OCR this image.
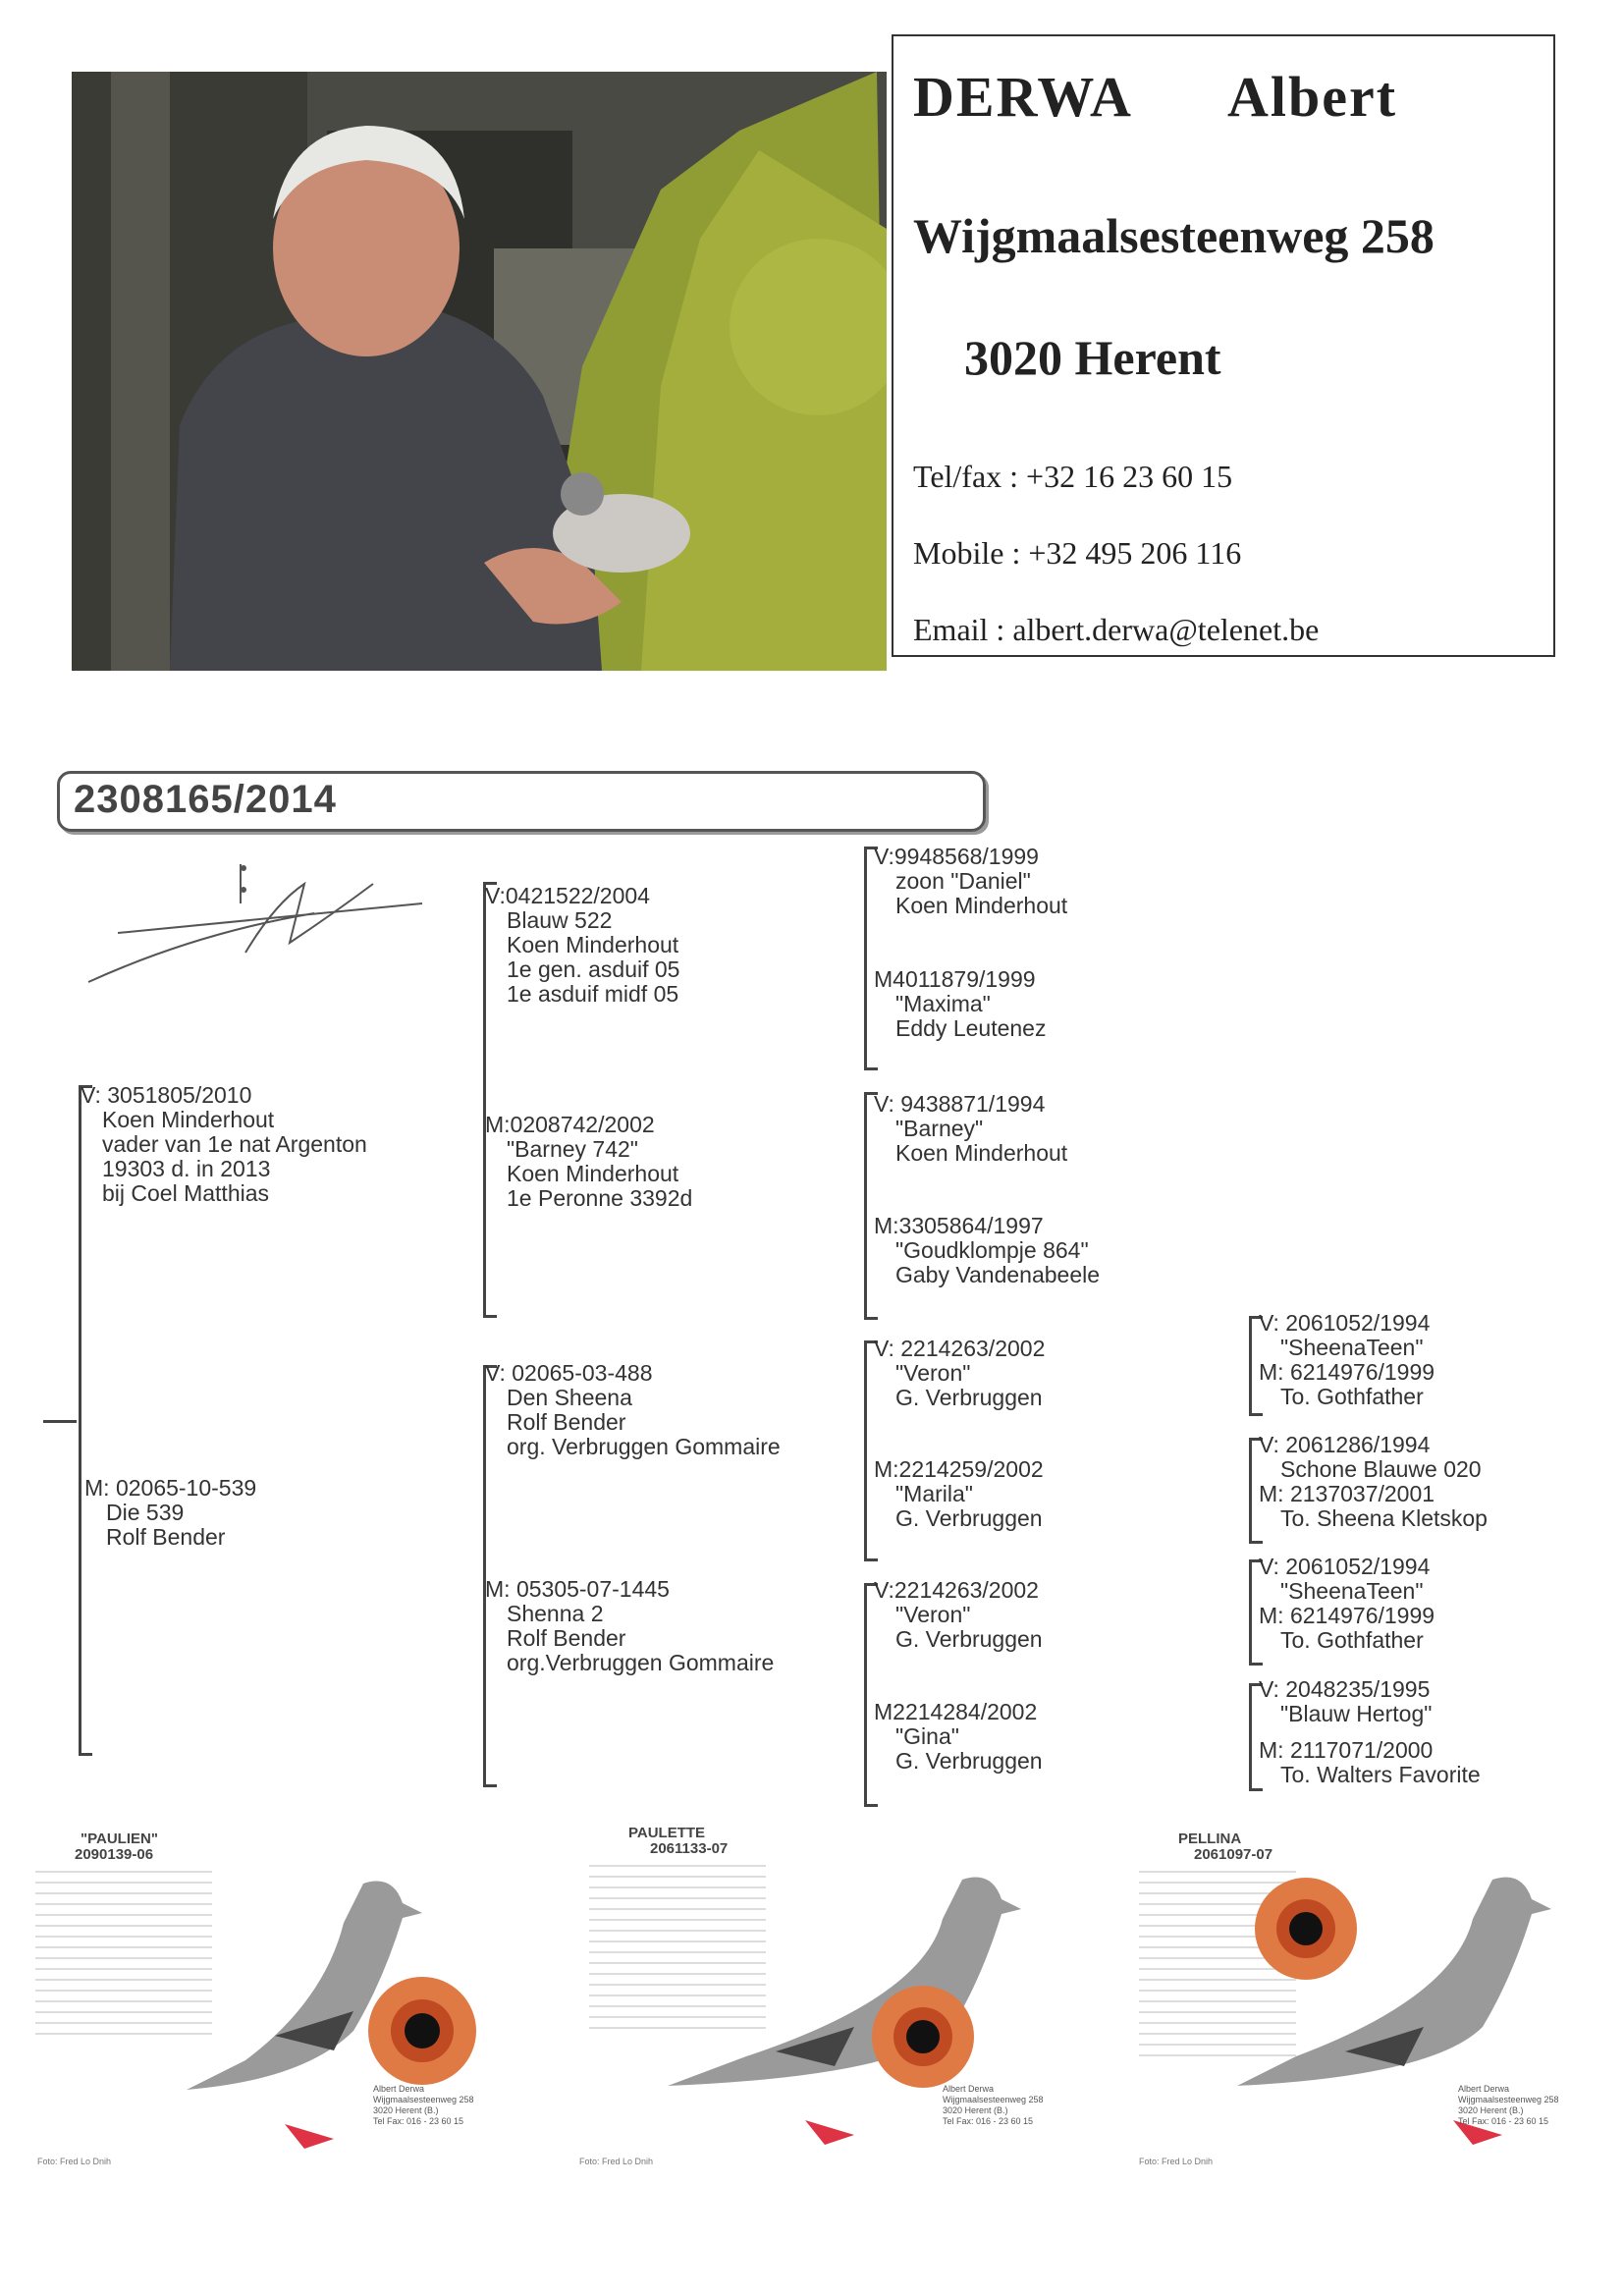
DERWA Albert
Wijgmaalsesteenweg 258
3020 Herent
Tel/fax : +32 16 23 60 15
Mobile : +32 495 206 116
Email : albert.derwa@telenet.be
2308165/2014
V: 3051805/2010
Koen Minderhout
vader van 1e nat Argenton
19303 d. in 2013
bij Coel Matthias
M: 02065-10-539
Die 539
Rolf Bender
V:0421522/2004
Blauw 522
Koen Minderhout
1e gen. asduif 05
1e asduif midf 05
M:0208742/2002
"Barney 742"
Koen Minderhout
1e Peronne 3392d
V: 02065-03-488
Den Sheena
Rolf Bender
org. Verbruggen Gommaire
M: 05305-07-1445
Shenna 2
Rolf Bender
org.Verbruggen Gommaire
V:9948568/1999
zoon "Daniel"
Koen Minderhout
M4011879/1999
"Maxima"
Eddy Leutenez
V: 9438871/1994
"Barney"
Koen Minderhout
M:3305864/1997
"Goudklompje 864"
Gaby Vandenabeele
V: 2214263/2002
"Veron"
G. Verbruggen
M:2214259/2002
"Marila"
G. Verbruggen
V:2214263/2002
"Veron"
G. Verbruggen
M2214284/2002
"Gina"
G. Verbruggen
V: 2061052/1994
"SheenaTeen"
M: 6214976/1999
To. Gothfather
V: 2061286/1994
Schone Blauwe 020
M: 2137037/2001
To. Sheena Kletskop
V: 2061052/1994
"SheenaTeen"
M: 6214976/1999
To. Gothfather
V: 2048235/1995
"Blauw Hertog"
M: 2117071/2000
To. Walters Favorite
"PAULIEN"
2090139-06
Albert Derwa
Wijgmaalsesteenweg 258
3020 Herent (B.)
Tel Fax: 016 - 23 60 15
Foto: Fred Lo Dnih
PAULETTE
2061133-07
Albert Derwa
Wijgmaalsesteenweg 258
3020 Herent (B.)
Tel Fax: 016 - 23 60 15
Foto: Fred Lo Dnih
PELLINA
2061097-07
Albert Derwa
Wijgmaalsesteenweg 258
3020 Herent (B.)
Tel Fax: 016 - 23 60 15
Foto: Fred Lo Dnih
